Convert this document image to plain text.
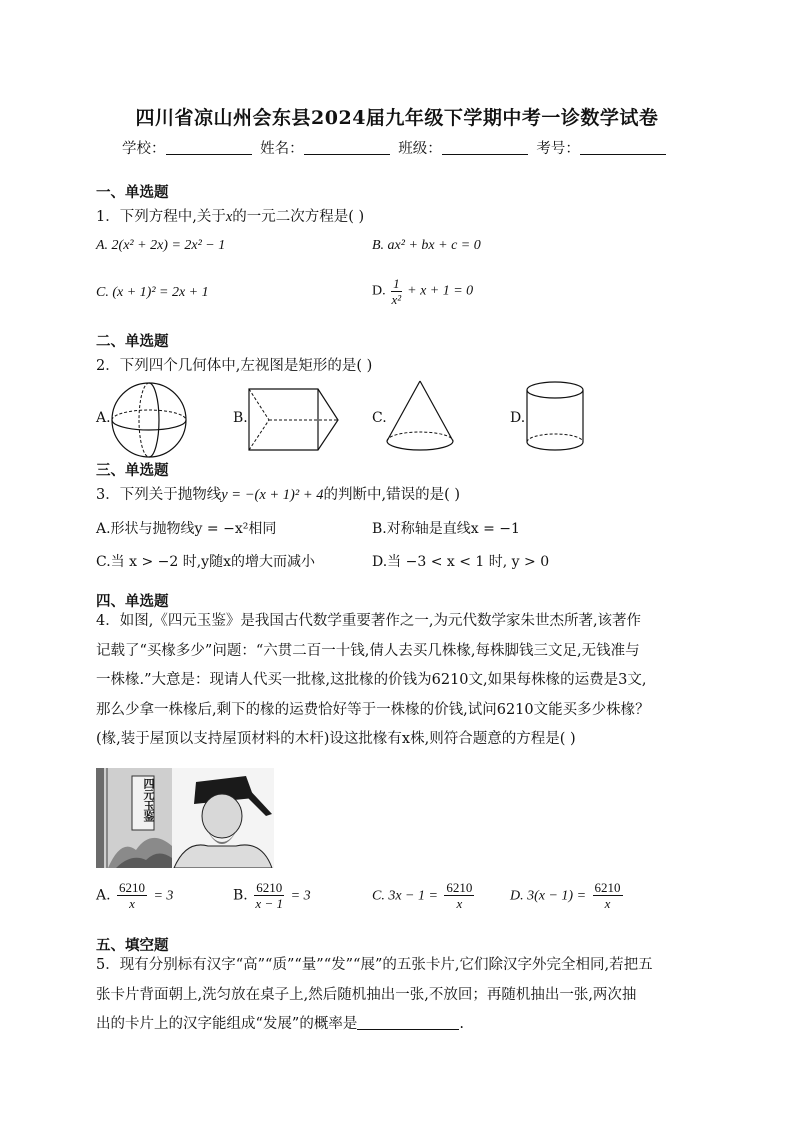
四川省凉山州会东县2024届九年级下学期中考一诊数学试卷
学校：	姓名：	班级：	考号：
一、单选题
1．下列方程中,关于x的一元二次方程是( )
A. 2(x² + 2x) = 2x² − 1	B. ax² + bx + c = 0
C. (x + 1)² = 2x + 1	D. $\frac{1}{\text{x²}} + x + 1 = 0$
二、单选题
2．下列四个几何体中,左视图是矩形的是( )
A.	B.	C.	D.
三、单选题
3．下列关于抛物线y = −(x + 1)² + 4的判断中,错误的是( )
A.形状与抛物线y = −x²相同	B.对称轴是直线x = −1
C.当 x > −2 时,y随x的增大而减小	D.当 −3 < x < 1 时, y > 0
四、单选题
4．如图,《四元玉鉴》是我国古代数学重要著作之一,为元代数学家朱世杰所著,该著作
记载了“买椽多少”问题：“六贯二百一十钱,倩人去买几株椽,每株脚钱三文足,无钱准与
一株椽.”大意是：现请人代买一批椽,这批椽的价钱为6210文,如果每株椽的运费是3文,
那么少拿一株椽后,剩下的椽的运费恰好等于一株椽的价钱,试问6210文能买多少株椽？
(椽,装于屋顶以支持屋顶材料的木杆)设这批椽有x株,则符合题意的方程是( )
四元玉鉴
A. $\frac{6210}{x} = 3$	B. $\frac{6210}{x - 1} = 3$	C. $3x - 1 = \frac{6210}{x}$	D. $3(x - 1) = \frac{6210}{x}$
五、填空题
5．现有分别标有汉字“高”“质”“量”“发”“展”的五张卡片,它们除汉字外完全相同,若把五
张卡片背面朝上,洗匀放在桌子上,然后随机抽出一张,不放回；再随机抽出一张,两次抽
出的卡片上的汉字能组成“发展”的概率是	.
